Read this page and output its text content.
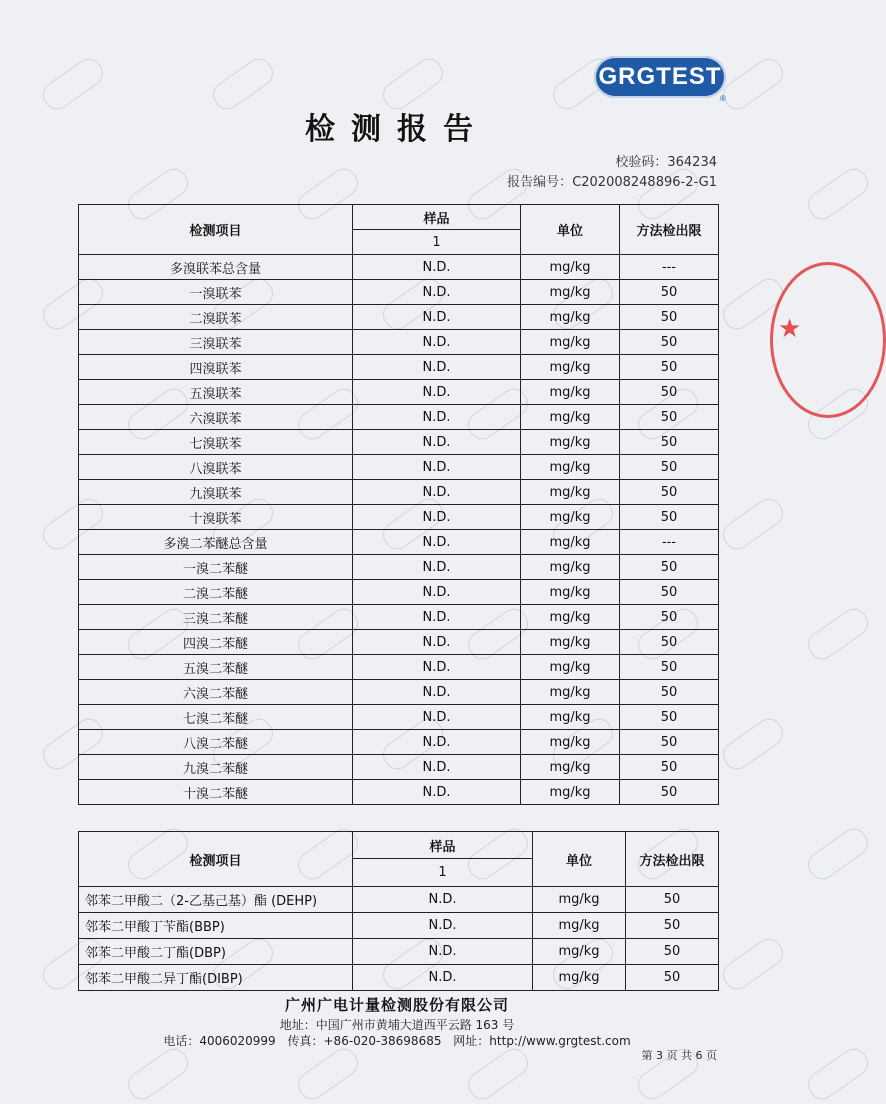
GRGTEST
®
检测报告
校验码：364234
报告编号：C202008248896-2-G1
检测项目	样品	单位	方法检出限
	1		
多溴联苯总含量	N.D.	mg/kg	---
一溴联苯	N.D.	mg/kg	50
二溴联苯	N.D.	mg/kg	50
三溴联苯	N.D.	mg/kg	50
四溴联苯	N.D.	mg/kg	50
五溴联苯	N.D.	mg/kg	50
六溴联苯	N.D.	mg/kg	50
七溴联苯	N.D.	mg/kg	50
八溴联苯	N.D.	mg/kg	50
九溴联苯	N.D.	mg/kg	50
十溴联苯	N.D.	mg/kg	50
多溴二苯醚总含量	N.D.	mg/kg	---
一溴二苯醚	N.D.	mg/kg	50
二溴二苯醚	N.D.	mg/kg	50
三溴二苯醚	N.D.	mg/kg	50
四溴二苯醚	N.D.	mg/kg	50
五溴二苯醚	N.D.	mg/kg	50
六溴二苯醚	N.D.	mg/kg	50
七溴二苯醚	N.D.	mg/kg	50
八溴二苯醚	N.D.	mg/kg	50
九溴二苯醚	N.D.	mg/kg	50
十溴二苯醚	N.D.	mg/kg	50
检测项目	样品	单位	方法检出限
	1		
邻苯二甲酸二（2-乙基己基）酯 (DEHP)	N.D.	mg/kg	50
邻苯二甲酸丁苄酯(BBP)	N.D.	mg/kg	50
邻苯二甲酸二丁酯(DBP)	N.D.	mg/kg	50
邻苯二甲酸二异丁酯(DIBP)	N.D.	mg/kg	50
广州广电计量检测股份有限公司
地址：中国广州市黄埔大道西平云路 163 号
电话：4006020999 传真：+86-020-38698685 网址：http://www.grgtest.com
第 3 页 共 6 页
★
